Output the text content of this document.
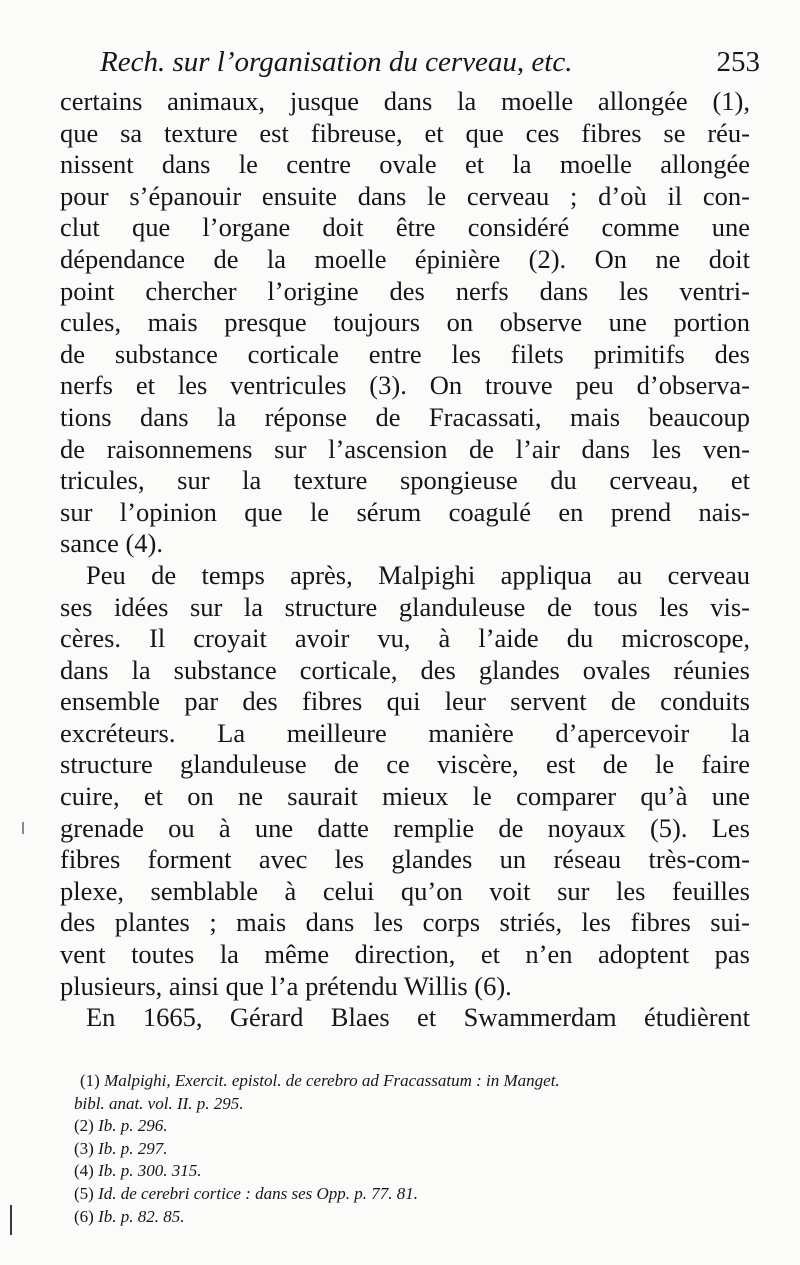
Rech. sur l’organisation du cerveau, etc.	253
certains animaux, jusque dans la moelle allongée (1),
que sa texture est fibreuse, et que ces fibres se réu-
nissent dans le centre ovale et la moelle allongée
pour s’épanouir ensuite dans le cerveau ; d’où il con-
clut que l’organe doit être considéré comme une
dépendance de la moelle épinière (2). On ne doit
point chercher l’origine des nerfs dans les ventri-
cules, mais presque toujours on observe une portion
de substance corticale entre les filets primitifs des
nerfs et les ventricules (3). On trouve peu d’observa-
tions dans la réponse de Fracassati, mais beaucoup
de raisonnemens sur l’ascension de l’air dans les ven-
tricules, sur la texture spongieuse du cerveau, et
sur l’opinion que le sérum coagulé en prend nais-
sance (4).
Peu de temps après, Malpighi appliqua au cerveau
ses idées sur la structure glanduleuse de tous les vis-
cères. Il croyait avoir vu, à l’aide du microscope,
dans la substance corticale, des glandes ovales réunies
ensemble par des fibres qui leur servent de conduits
excréteurs. La meilleure manière d’apercevoir la
structure glanduleuse de ce viscère, est de le faire
cuire, et on ne saurait mieux le comparer qu’à une
grenade ou à une datte remplie de noyaux (5). Les
fibres forment avec les glandes un réseau très-com-
plexe, semblable à celui qu’on voit sur les feuilles
des plantes ; mais dans les corps striés, les fibres sui-
vent toutes la même direction, et n’en adoptent pas
plusieurs, ainsi que l’a prétendu Willis (6).
En 1665, Gérard Blaes et Swammerdam étudièrent
(1) Malpighi, Exercit. epistol. de cerebro ad Fracassatum : in Manget.
bibl. anat. vol. II. p. 295.
(2) Ib. p. 296.
(3) Ib. p. 297.
(4) Ib. p. 300. 315.
(5) Id. de cerebri cortice : dans ses Opp. p. 77. 81.
(6) Ib. p. 82. 85.
